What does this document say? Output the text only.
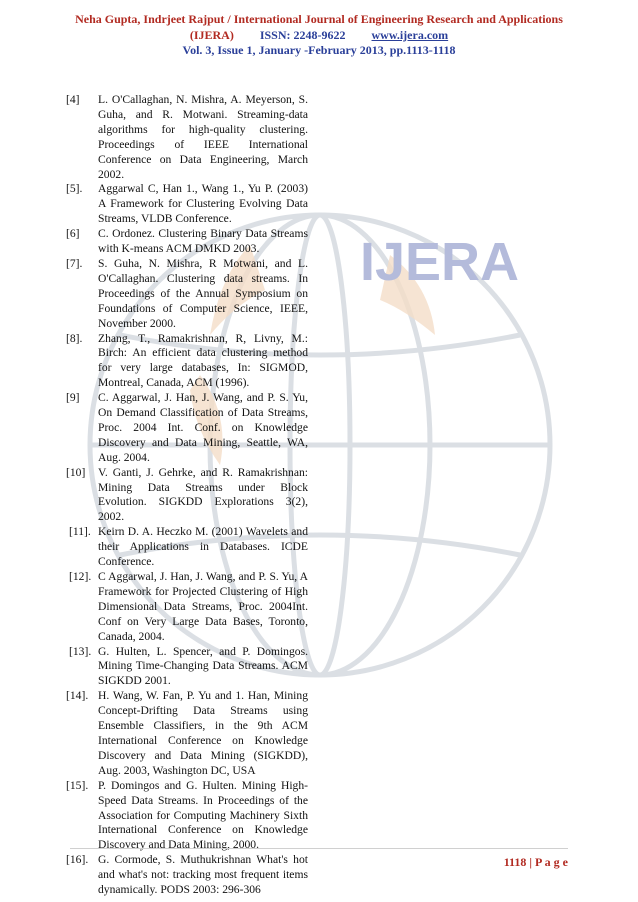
Neha Gupta, Indrjeet Rajput / International Journal of Engineering Research and Applications
(IJERA) ISSN: 2248-9622 www.ijera.com
Vol. 3, Issue 1, January -February 2013, pp.1113-1118
IJERA
[4]	L. O'Callaghan, N. Mishra, A. Meyerson, S. Guha, and R. Motwani. Streaming-data algorithms for high-quality clustering. Proceedings of IEEE International Conference on Data Engineering, March 2002.
[5].	Aggarwal C, Han 1., Wang 1., Yu P. (2003) A Framework for Clustering Evolving Data Streams, VLDB Conference.
[6]	C. Ordonez. Clustering Binary Data Streams with K-means ACM DMKD 2003.
[7].	S. Guha, N. Mishra, R Motwani, and L. O'Callaghan. Clustering data streams. In Proceedings of the Annual Symposium on Foundations of Computer Science, IEEE, November 2000.
[8].	Zhang, T., Ramakrishnan, R, Livny, M.: Birch: An efficient data clustering method for very large databases, In: SIGMOD, Montreal, Canada, ACM (1996).
[9]	C. Aggarwal, J. Han, J. Wang, and P. S. Yu, On Demand Classification of Data Streams, Proc. 2004 Int. Conf. on Knowledge Discovery and Data Mining, Seattle, WA, Aug. 2004.
[10]	V. Ganti, J. Gehrke, and R. Ramakrishnan: Mining Data Streams under Block Evolution. SIGKDD Explorations 3(2), 2002.
[11]. Keirn D. A. Heczko M. (2001) Wavelets and their Applications in Databases. ICDE Conference.
[12]. C Aggarwal, J. Han, J. Wang, and P. S. Yu, A Framework for Projected Clustering of High Dimensional Data Streams, Proc. 2004Int. Conf on Very Large Data Bases, Toronto, Canada, 2004.
[13]. G. Hulten, L. Spencer, and P. Domingos. Mining Time-Changing Data Streams. ACM SIGKDD 2001.
[14]. H. Wang, W. Fan, P. Yu and 1. Han, Mining Concept-Drifting Data Streams using Ensemble Classifiers, in the 9th ACM International Conference on Knowledge Discovery and Data Mining (SIGKDD), Aug. 2003, Washington DC, USA
[15]. P. Domingos and G. Hulten. Mining High-Speed Data Streams. In Proceedings of the Association for Computing Machinery Sixth International Conference on Knowledge Discovery and Data Mining, 2000.
[16]. G. Cormode, S. Muthukrishnan What's hot and what's not: tracking most frequent items dynamically. PODS 2003: 296-306
1118 | P a g e
